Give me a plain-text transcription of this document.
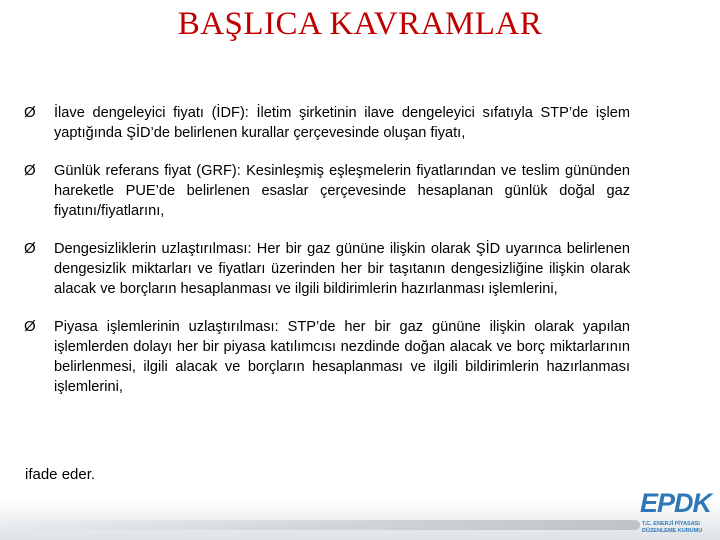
BAŞLICA KAVRAMLAR
Ø	İlave dengeleyici fiyatı (İDF): İletim şirketinin ilave dengeleyici sıfatıyla STP’de işlem yaptığında ŞİD’de belirlenen kurallar çerçevesinde oluşan fiyatı,
Ø	Günlük referans fiyat (GRF): Kesinleşmiş eşleşmelerin fiyatlarından ve teslim gününden hareketle PUE’de belirlenen esaslar çerçevesinde hesaplanan günlük doğal gaz fiyatını/fiyatlarını,
Ø	Dengesizliklerin uzlaştırılması: Her bir gaz gününe ilişkin olarak ŞİD uyarınca belirlenen dengesizlik miktarları ve fiyatları üzerinden her bir taşıtanın dengesizliğine ilişkin olarak alacak ve borçların hesaplanması ve ilgili bildirimlerin hazırlanması işlemlerini,
Ø	Piyasa işlemlerinin uzlaştırılması: STP’de her bir gaz gününe ilişkin olarak yapılan işlemlerden dolayı her bir piyasa katılımcısı nezdinde doğan alacak ve borç miktarlarının belirlenmesi, ilgili alacak ve borçların hesaplanması ve ilgili bildirimlerin hazırlanması işlemlerini,
ifade eder.
EPDK
T.C. ENERJİ PİYASASI
DÜZENLEME KURUMU
